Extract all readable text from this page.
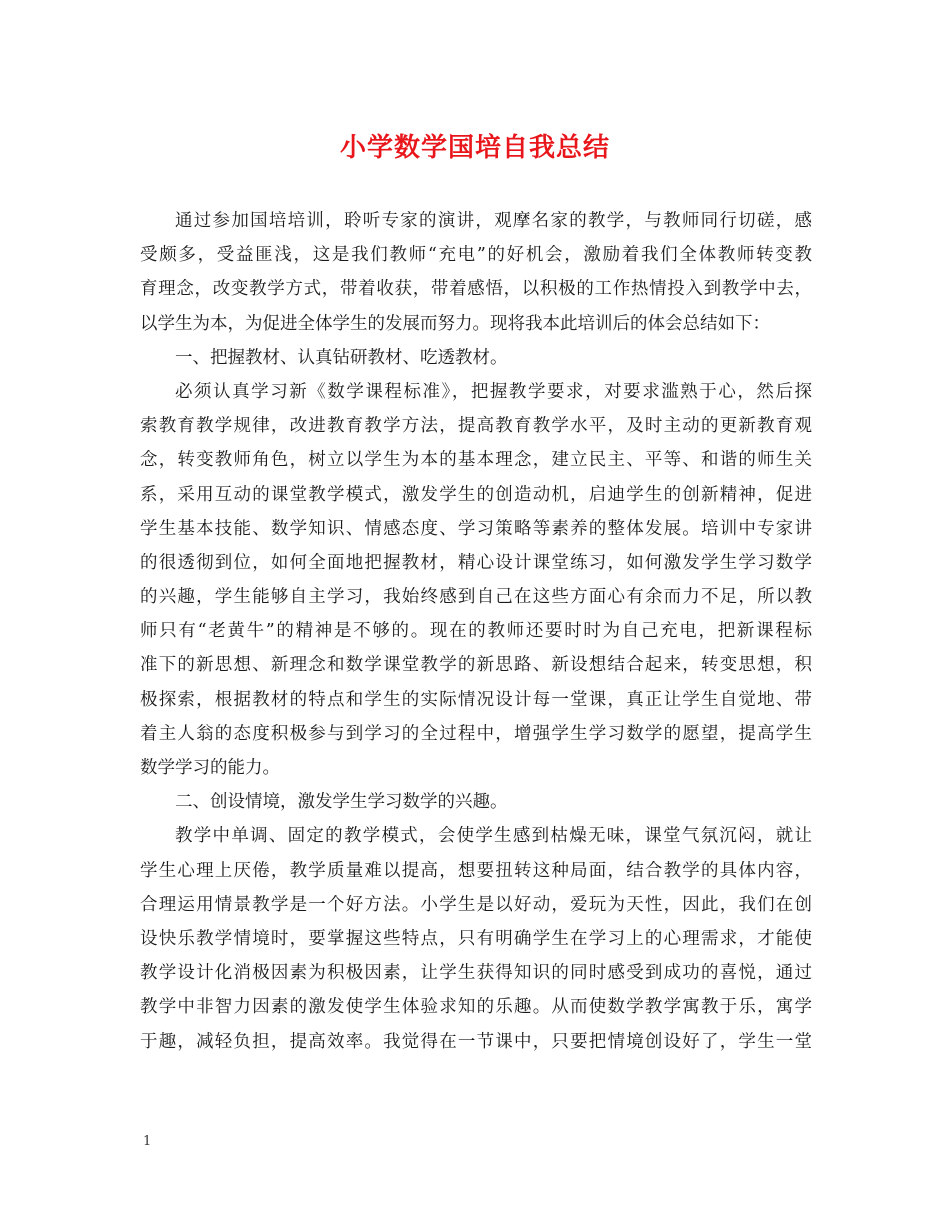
小学数学国培自我总结
通过参加国培培训，聆听专家的演讲，观摩名家的教学，与教师同行切磋，感
受颇多，受益匪浅，这是我们教师“充电”的好机会，激励着我们全体教师转变教
育理念，改变教学方式，带着收获，带着感悟，以积极的工作热情投入到教学中去，
以学生为本，为促进全体学生的发展而努力。现将我本此培训后的体会总结如下：
一、把握教材、认真钻研教材、吃透教材。
必须认真学习新《数学课程标准》，把握教学要求，对要求滥熟于心，然后探
索教育教学规律，改进教育教学方法，提高教育教学水平，及时主动的更新教育观
念，转变教师角色，树立以学生为本的基本理念，建立民主、平等、和谐的师生关
系，采用互动的课堂教学模式，激发学生的创造动机，启迪学生的创新精神，促进
学生基本技能、数学知识、情感态度、学习策略等素养的整体发展。培训中专家讲
的很透彻到位，如何全面地把握教材，精心设计课堂练习，如何激发学生学习数学
的兴趣，学生能够自主学习，我始终感到自己在这些方面心有余而力不足，所以教
师只有“老黄牛”的精神是不够的。现在的教师还要时时为自己充电，把新课程标
准下的新思想、新理念和数学课堂教学的新思路、新设想结合起来，转变思想，积
极探索，根据教材的特点和学生的实际情况设计每一堂课，真正让学生自觉地、带
着主人翁的态度积极参与到学习的全过程中，增强学生学习数学的愿望，提高学生
数学学习的能力。
二、创设情境，激发学生学习数学的兴趣。
教学中单调、固定的教学模式，会使学生感到枯燥无味，课堂气氛沉闷，就让
学生心理上厌倦，教学质量难以提高，想要扭转这种局面，结合教学的具体内容，
合理运用情景教学是一个好方法。小学生是以好动，爱玩为天性，因此，我们在创
设快乐教学情境时，要掌握这些特点，只有明确学生在学习上的心理需求，才能使
教学设计化消极因素为积极因素，让学生获得知识的同时感受到成功的喜悦，通过
教学中非智力因素的激发使学生体验求知的乐趣。从而使数学教学寓教于乐，寓学
于趣，减轻负担，提高效率。我觉得在一节课中，只要把情境创设好了，学生一堂
1
